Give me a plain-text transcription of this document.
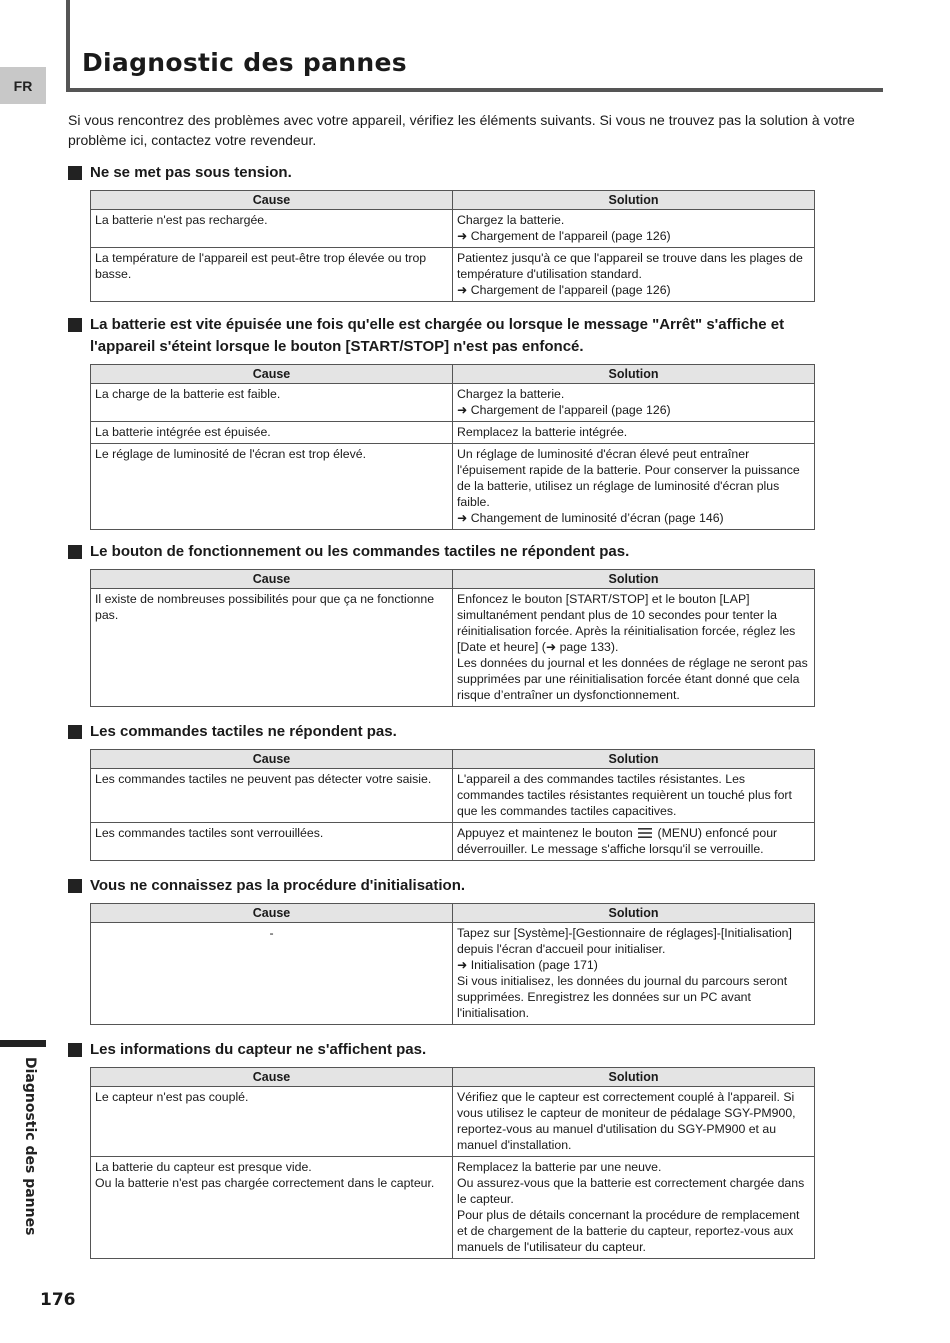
FR
Diagnostic des pannes

Si vous rencontrez des problèmes avec votre appareil, vérifiez les éléments suivants. Si vous ne trouvez pas la solution à votre problème ici, contactez votre revendeur.

Ne se met pas sous tension.
Cause	Solution

La batterie n'est pas rechargée.	Chargez la batterie.
➜ Chargement de l'appareil (page 126)

La température de l'appareil est peut-être trop élevée ou trop basse.	Patientez jusqu'à ce que l'appareil se trouve dans les plages de température d'utilisation standard.
➜ Chargement de l'appareil (page 126)
La batterie est vite épuisée une fois qu'elle est chargée ou lorsque le message "Arrêt" s'affiche et l'appareil s'éteint lorsque le bouton [START/STOP] n'est pas enfoncé.
Cause	Solution

La charge de la batterie est faible.	Chargez la batterie.
➜ Chargement de l'appareil (page 126)

La batterie intégrée est épuisée.	Remplacez la batterie intégrée.

Le réglage de luminosité de l'écran est trop élevé.	Un réglage de luminosité d'écran élevé peut entraîner l'épuisement rapide de la batterie. Pour conserver la puissance de la batterie, utilisez un réglage de luminosité d'écran plus faible.
➜ Changement de luminosité d’écran (page 146)
Le bouton de fonctionnement ou les commandes tactiles ne répondent pas.
Cause	Solution

Il existe de nombreuses possibilités pour que ça ne fonctionne pas.	Enfoncez le bouton [START/STOP] et le bouton [LAP] simultanément pendant plus de 10 secondes pour tenter la réinitialisation forcée. Après la réinitialisation forcée, réglez les [Date et heure] (➜ page 133).
Les données du journal et les données de réglage ne seront pas supprimées par une réinitialisation forcée étant donné que cela risque d’entraîner un dysfonctionnement.
Les commandes tactiles ne répondent pas.
Cause	Solution

Les commandes tactiles ne peuvent pas détecter votre saisie.	L'appareil a des commandes tactiles résistantes. Les commandes tactiles résistantes requièrent un touché plus fort que les commandes tactiles capacitives.

Les commandes tactiles sont verrouillées.	Appuyez et maintenez le bouton  (MENU) enfoncé pour déverrouiller. Le message s'affiche lorsqu'il se verrouille.
Vous ne connaissez pas la procédure d'initialisation.
Cause	Solution

-	Tapez sur [Système]-[Gestionnaire de réglages]-[Initialisation] depuis l'écran d'accueil pour initialiser.
➜ Initialisation (page 171)
Si vous initialisez, les données du journal du parcours seront supprimées. Enregistrez les données sur un PC avant l'initialisation.
Les informations du capteur ne s'affichent pas.
Cause	Solution

Le capteur n'est pas couplé.	Vérifiez que le capteur est correctement couplé à l'appareil. Si vous utilisez le capteur de moniteur de pédalage SGY-PM900, reportez-vous au manuel d'utilisation du SGY-PM900 et au manuel d'installation.

La batterie du capteur est presque vide.
Ou la batterie n'est pas chargée correctement dans le capteur.	Remplacez la batterie par une neuve.
Ou assurez-vous que la batterie est correctement chargée dans le capteur.
Pour plus de détails concernant la procédure de remplacement et de chargement de la batterie du capteur, reportez-vous aux manuels de l'utilisateur du capteur.
Diagnostic des pannes
176
